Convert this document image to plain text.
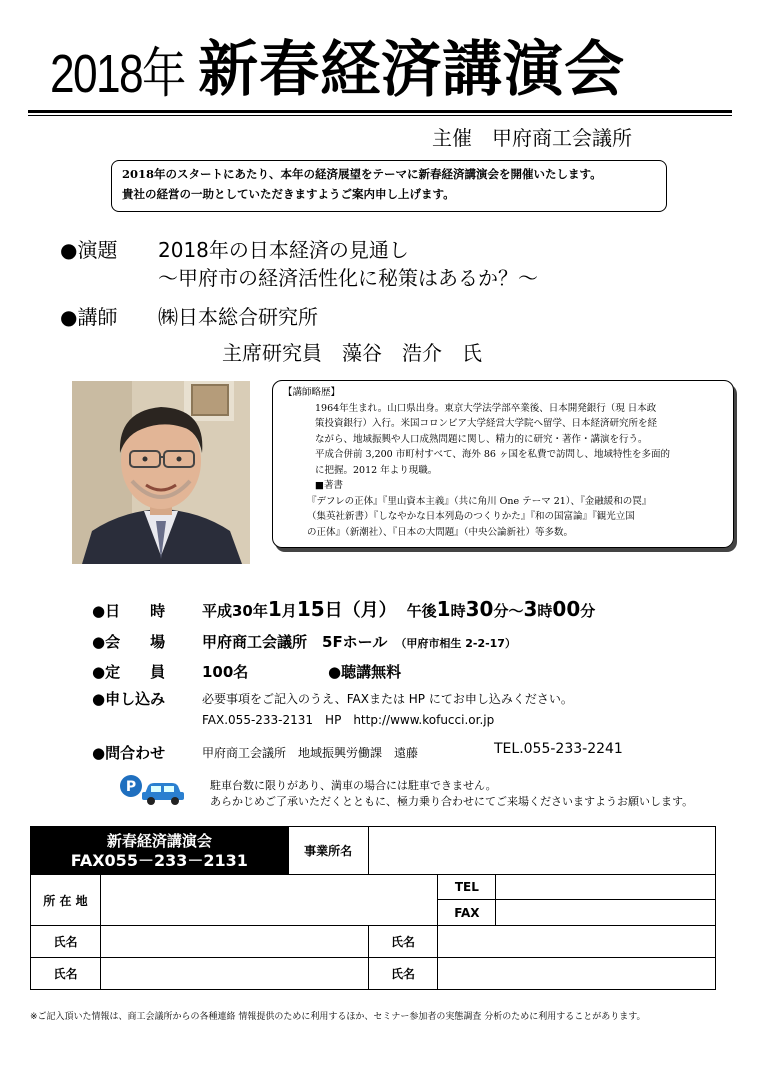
2018年 新春経済講演会
主催　甲府商工会議所
2018年のスタートにあたり、本年の経済展望をテーマに新春経済講演会を開催いたします。
貴社の経営の一助としていただきますようご案内申し上げます。
●演題 2018年の日本経済の見通し
～甲府市の経済活性化に秘策はあるか？～
●講師 ㈱日本総合研究所
主席研究員　藻谷　浩介　氏
【講師略歴】
1964年生まれ。山口県出身。東京大学法学部卒業後、日本開発銀行（現 日本政
策投資銀行）入行。米国コロンビア大学経営大学院へ留学、日本経済研究所を経
ながら、地域振興や人口成熟問題に関し、精力的に研究・著作・講演を行う。
平成合併前 3,200 市町村すべて、海外 86 ヶ国を私費で訪問し、地域特性を多面的
に把握。2012 年より現職。
■著書
『デフレの正体』『里山資本主義』（共に角川 One テーマ 21）、『金融緩和の罠』
（集英社新書）『しなやかな日本列島のつくりかた』『和の国富論』『観光立国
の正体』（新潮社）、『日本の大問題』（中央公論新社）等多数。
●日　　時 平成30年1月15日（月） 午後1時30分～3時00分
●会　　場 甲府商工会議所　5Fホール （甲府市相生 2-2-17）
●定　　員 100名	●聴講無料
●申し込み	必要事項をご記入のうえ、FAXまたは HP にてお申し込みください。
FAX.055-233-2131　HP　http://www.kofucci.or.jp
●問合わせ	甲府商工会議所　地域振興労働課　遠藤	TEL.055-233-2241
P	駐車台数に限りがあり、満車の場合には駐車できません。
あらかじめご了承いただくとともに、極力乗り合わせにてご来場くださいますようお願いします。
新春経済講演会
FAX055－233－2131		事業所名			
所 在 地				TEL	
				FAX	
氏名			氏名		
氏名			氏名		
※ご記入頂いた情報は、商工会議所からの各種連絡 情報提供のために利用するほか、セミナー参加者の実態調査 分析のために利用することがあります。
